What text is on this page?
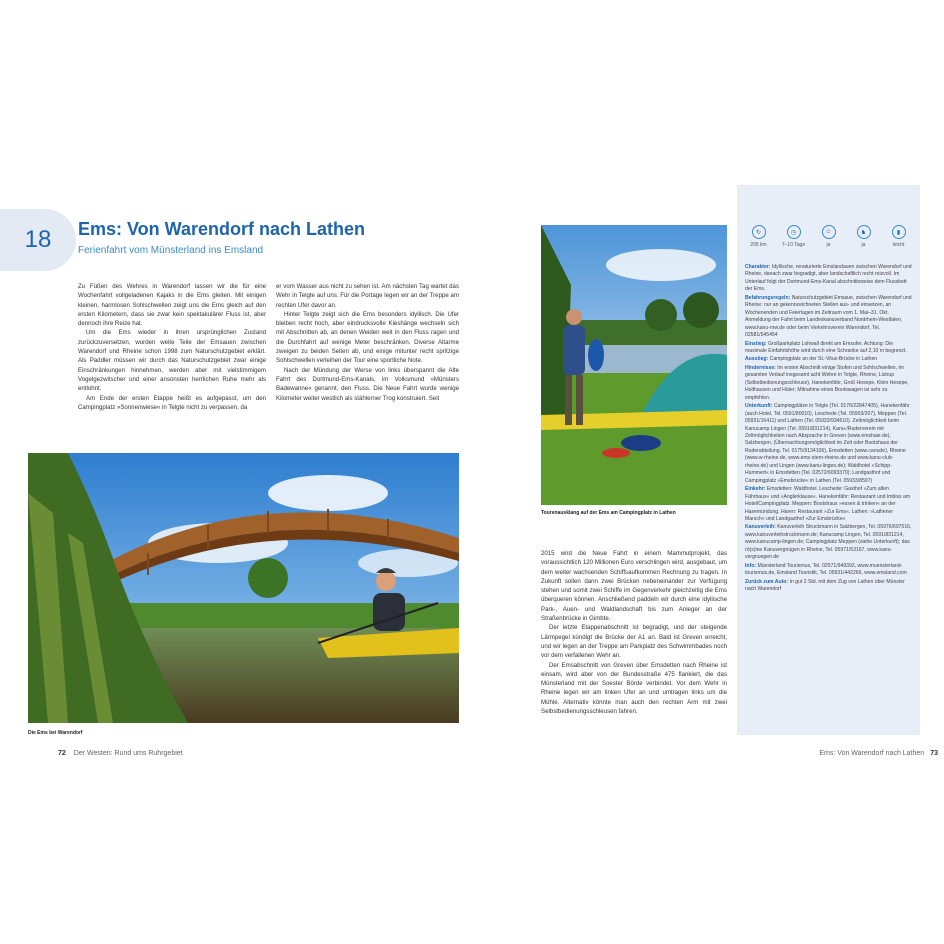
18 Ems: Von Warendorf nach Lathen
Ferienfahrt vom Münsterland ins Emsland

Zu Füßen des Wehres in Warendorf lassen wir die für eine Wochenfahrt vollgeladenen Kajaks in die Ems gleiten. Mit einigen kleinen, harmlosen Sohlschwellen zeigt uns die Ems gleich auf den ersten Kilometern, dass sie zwar kein spektakulärer Fluss ist, aber dennoch ihre Reize hat.

Um die Ems wieder in ihren ursprünglichen Zustand zurückzuversetzen, wurden weite Teile der Emsauen zwischen Warendorf und Rheine schon 1998 zum Naturschutzgebiet erklärt. Als Paddler müssen wir durch das Naturschutzgebiet zwar einige Einschränkungen hinnehmen, werden aber mit vielstimmigem Vogelgezwitscher und einer ansonsten herrlichen Ruhe mehr als entlohnt.

Am Ende der ersten Etappe heißt es aufgepasst, um den Campingplatz »Sonnenwiese« in Telgte nicht zu verpassen, da

er vom Wasser aus nicht zu sehen ist. Am nächsten Tag wartet das Wehr in Telgte auf uns. Für die Portage legen wir an der Treppe am rechten Ufer davor an.

Hinter Telgte zeigt sich die Ems besonders idyllisch. Die Ufer bleiben recht hoch, aber eindrucksvolle Kieshänge wechseln sich mit Abschnitten ab, an denen Weiden weit in den Fluss ragen und die Durchfahrt auf wenige Meter beschränken. Diverse Altarme zweigen zu beiden Seiten ab, und einige mitunter recht spritzige Sohlschwellen verleihen der Tour eine sportliche Note.

Nach der Mündung der Werse von links überspannt die Alte Fahrt des Dortmund-Ems-Kanals, im Volksmund »Münsters Badewanne« genannt, den Fluss. Die Neue Fahrt wurde wenige Kilometer weiter westlich als stählerner Trog konstruiert. Seit

Die Ems bei Warendorf
72 Der Westen: Rund ums Ruhrgebiet
Tourenausklang auf der Ems am Campingplatz in Lathen

2015 wird die Neue Fahrt in einem Mammutprojekt, das voraussichtlich 120 Millionen Euro verschlingen wird, ausgebaut, um dem weiter wachsenden Schiffsaufkommen Rechnung zu tragen. In Zukunft sollen dann zwei Brücken nebeneinander zur Verfügung stehen und somit zwei Schiffe im Gegenverkehr gleichzeitig die Ems überqueren können. Anschließend paddeln wir durch eine idyllische Park-, Auen- und Waldlandschaft bis zum Anleger an der Straßenbrücke in Gimbte.

Der letzte Etappenabschnitt ist begradigt, und der steigende Lärmpegel kündigt die Brücke der A1 an. Bald ist Greven erreicht, und wir legen an der Treppe am Parkplatz des Schwimmbades noch vor dem verfallenen Wehr an.

Der Emsabschnitt von Greven über Emsdetten nach Rheine ist einsam, wird aber von der Bundesstraße 475 flankiert, die das Münsterland mit der Soester Börde verbindet. Vor dem Wehr in Rheine legen wir am linken Ufer an und umtragen links um die Mühle. Alternativ könnte man auch den rechten Arm mit zwei Selbstbedienungsschleusen fahren.

↻
205 km
◷
7–10 Tage
☺
ja
♞
ja
▮
leicht
Charakter: Idyllische, renaturierte Emslandauen zwischen Warendorf und Rheine, danach zwar begradigt, aber landschaftlich recht reizvoll. Im Unterlauf folgt der Dortmund-Ems-Kanal abschnittsweise dem Flussbett der Ems.
Befahrungsregeln: Naturschutzgebiet Emsaue, zwischen Warendorf und Rheine: nur an gekennzeichneten Stellen aus- und einsetzen, an Wochenenden und Feiertagen im Zeitraum vom 1. Mai–31. Okt. Anmeldung der Fahrt beim Landeskanuverband Nordrhein-Westfalen, www.kanu-nrw.de oder beim Verkehrsverein Warendorf, Tel. 02581/545454
Einstieg: Großparkplatz Lohwall direkt am Emsufer. Achtung: Die maximale Einfahrtshöhe wird durch eine Schranke auf 2,10 m begrenzt.
Ausstieg: Campingplatz an der St.-Vitus-Brücke in Lathen
Hindernisse: Im ersten Abschnitt einige Stufen und Sohlschwellen, im gesamten Verlauf insgesamt acht Wehre in Telgte, Rheine, Listrup (Selbstbedienungsschleuse), Hanekenfähr, Groß Hesepe, Klein Hesepe, Holthausen und Hüter; Mitnahme eines Bootswagen ist sehr zu empfehlen.
Unterkunft: Campingplätze in Telgte (Tel. 0176/22847405), Hanekenfähr (auch Hotel, Tel. 0591/80010), Leschede (Tel. 05903/207), Meppen (Tel. 05931/16411) und Lathen (Tel. 05933/934510). Zeltmöglichkeit beim Kanucamp Lingen (Tel. 0591/831214), Kanu-/Ruderverein mit Zeltmöglichkeiten nach Absprache in Greven (www.emshaie.de), Salzbergen, (Übernachtungsmöglichkeit im Zelt oder Bootshaus der Ruderabteilung, Tel. 0175/9134106), Emsdetten (www.canude), Rheine (www.w-rheine.de, www.ems-stern-rheine.de und www.kanu-club-rheine.de) und Lingen (www.kanu-lingen.de); Waldhotel »Schipp-Hummert« in Emsdetten (Tel. 02572/6093370); Landgasthof und Campingplatz »Emsbrücke« in Lathen (Tel. 05933/8597)
Einkehr: Emsdetten: Waldhotel. Leschede: Gasthof »Zum alten Fährhaus« und »Anglerklause«. Hanekenfähr: Restaurant und Imbiss am Hotel/Campingplatz. Meppen: Bootshaus »essen & trinken« an der Hasemündung. Haren: Restaurant »Zur Ems«. Lathen: »Lathener Marsch« und Landgasthof »Zur Emsbrücke«
Kanuverleih: Kanuverleih Struckmann in Salzbergen, Tel. 05976/697516, www.kanuverleihstruckmann.de; Kanucamp Lingen, Tel. 0591/831214, www.kanucamp-lingen.de; Campingplatz Meppen (siehe Unterkunft); das rö(s)ine Kanuvergnügen in Rheine, Tel. 05971/53167, www.kanu-vergnuegen.de
Info: Münsterland Tourismus, Tel. 02571/949392, www.muensterland-tourismus.de, Emsland Touristik, Tel. 05931/442266, www.emsland.com
Zurück zum Auto: In gut 2 Std. mit dem Zug von Lathen über Münster nach Warendorf
Ems: Von Warendorf nach Lathen 73
